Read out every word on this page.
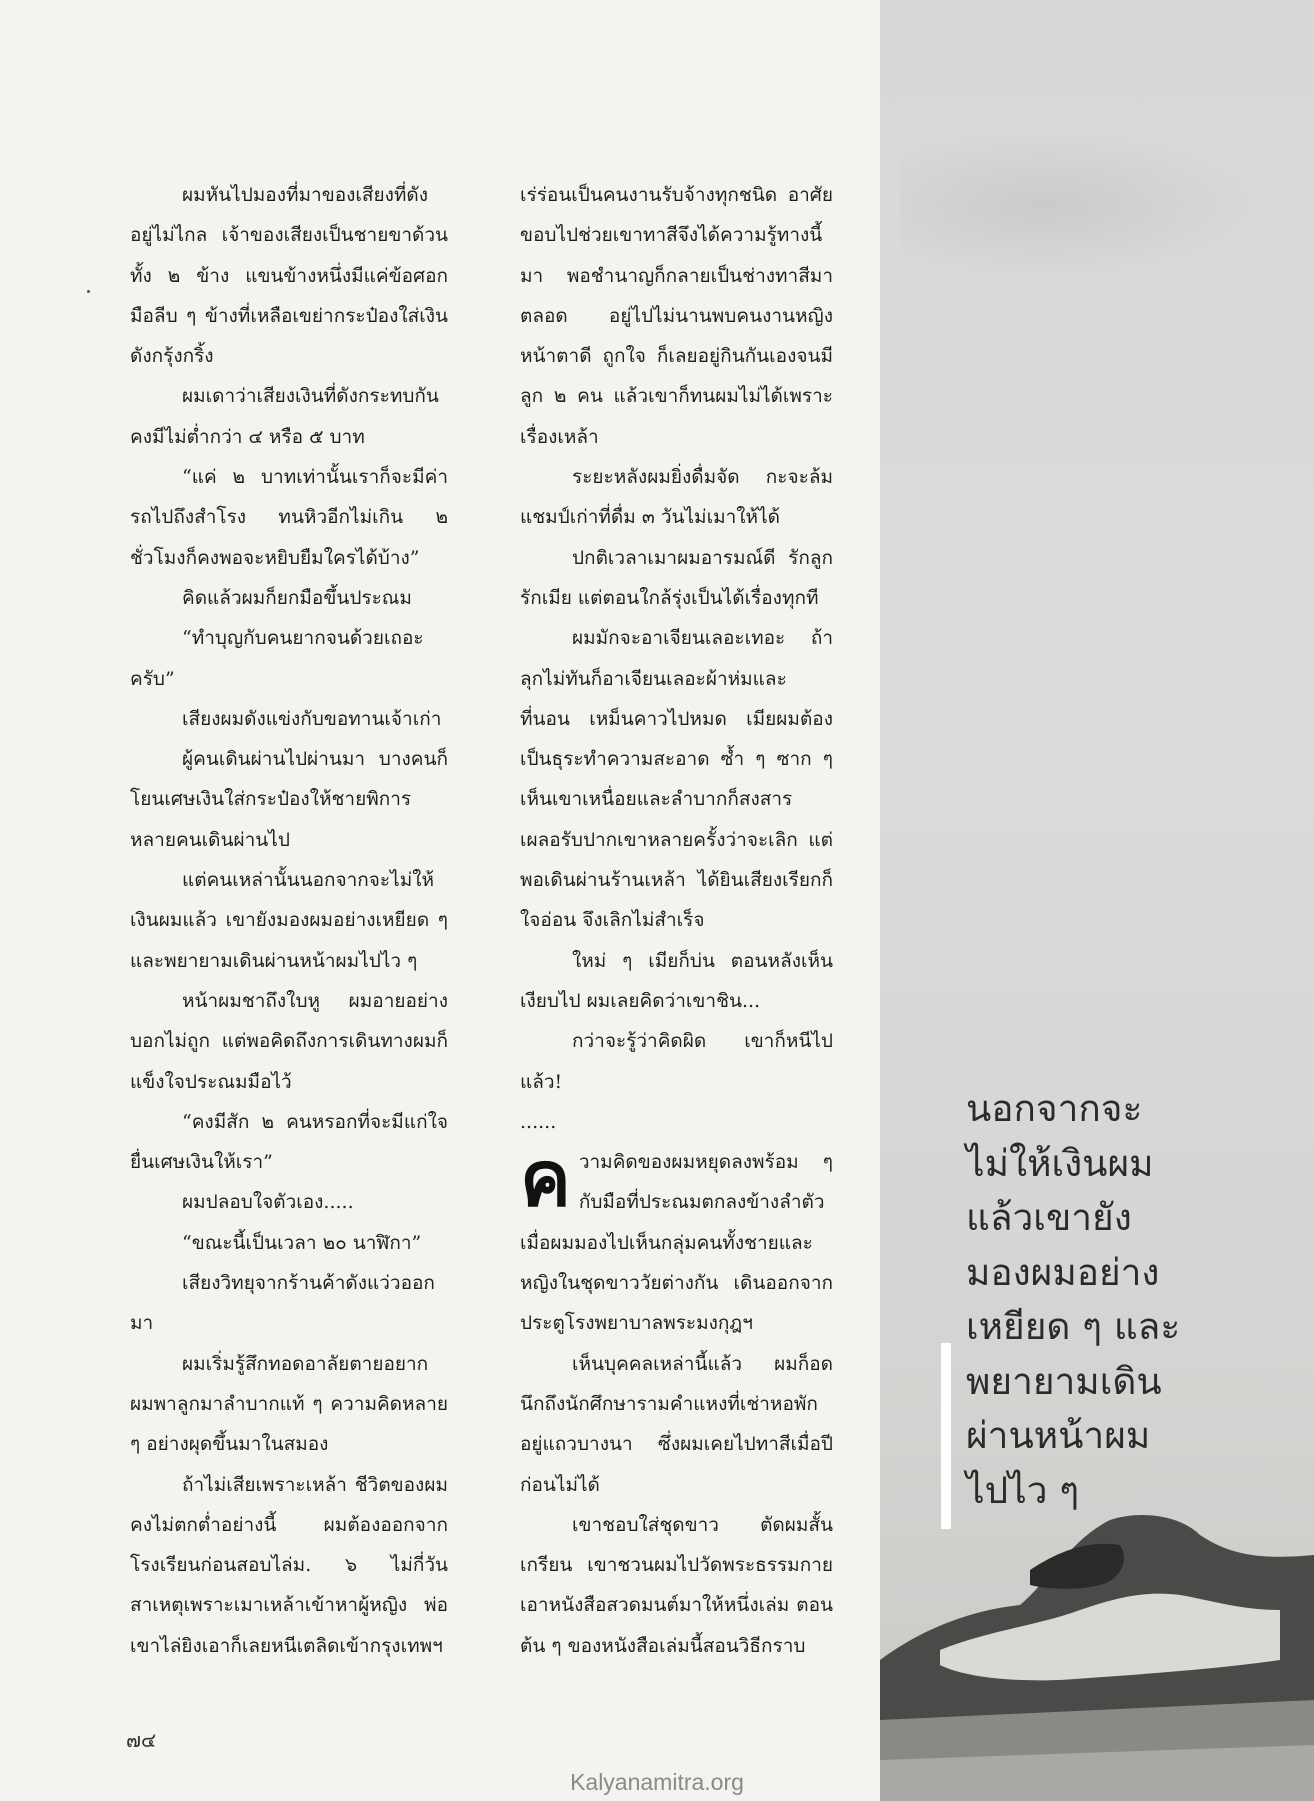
ผมหันไปมองที่มาของเสียงที่ดังอยู่ไม่ไกล เจ้าของเสียงเป็นชายขาด้วนทั้ง ๒ ข้าง แขนข้างหนึ่งมีแค่ข้อศอก มือลีบ ๆ ข้างที่เหลือเขย่ากระป๋องใส่เงินดังกรุ้งกริ้ง

ผมเดาว่าเสียงเงินที่ดังกระทบกันคงมีไม่ต่ำกว่า ๔ หรือ ๕ บาท

“แค่ ๒ บาทเท่านั้นเราก็จะมีค่ารถไปถึงสำโรง ทนหิวอีกไม่เกิน ๒ ชั่วโมงก็คงพอจะหยิบยืมใครได้บ้าง”

คิดแล้วผมก็ยกมือขึ้นประณม

“ทำบุญกับคนยากจนด้วยเถอะครับ”

เสียงผมดังแข่งกับขอทานเจ้าเก่า

ผู้คนเดินผ่านไปผ่านมา บางคนก็โยนเศษเงินใส่กระป๋องให้ชายพิการ หลายคนเดินผ่านไป

แต่คนเหล่านั้นนอกจากจะไม่ให้เงินผมแล้ว เขายังมองผมอย่างเหยียด ๆ และพยายามเดินผ่านหน้าผมไปไว ๆ

หน้าผมชาถึงใบหู ผมอายอย่างบอกไม่ถูก แต่พอคิดถึงการเดินทางผมก็แข็งใจประณมมือไว้

“คงมีสัก ๒ คนหรอกที่จะมีแก่ใจยื่นเศษเงินให้เรา”

ผมปลอบใจตัวเอง.....

“ขณะนี้เป็นเวลา ๒๐ นาฬิกา”

เสียงวิทยุจากร้านค้าดังแว่วออกมา

ผมเริ่มรู้สึกทอดอาลัยตายอยากผมพาลูกมาลำบากแท้ ๆ ความคิดหลาย ๆ อย่างผุดขึ้นมาในสมอง

ถ้าไม่เสียเพราะเหล้า ชีวิตของผมคงไม่ตกต่ำอย่างนี้ ผมต้องออกจากโรงเรียนก่อนสอบไล่ม. ๖ ไม่กี่วัน สาเหตุเพราะเมาเหล้าเข้าหาผู้หญิง พ่อเขาไล่ยิงเอาก็เลยหนีเตลิดเข้ากรุงเทพฯ

เร่ร่อนเป็นคนงานรับจ้างทุกชนิด อาศัยขอบไปช่วยเขาทาสีจึงได้ความรู้ทางนี้มา พอชำนาญก็กลายเป็นช่างทาสีมาตลอด อยู่ไปไม่นานพบคนงานหญิงหน้าตาดี ถูกใจ ก็เลยอยู่กินกันเองจนมีลูก ๒ คน แล้วเขาก็ทนผมไม่ได้เพราะเรื่องเหล้า

ระยะหลังผมยิ่งดื่มจัด กะจะล้มแชมป์เก่าที่ดื่ม ๓ วันไม่เมาให้ได้

ปกติเวลาเมาผมอารมณ์ดี รักลูกรักเมีย แต่ตอนใกล้รุ่งเป็นได้เรื่องทุกที

ผมมักจะอาเจียนเลอะเทอะ ถ้าลุกไม่ทันก็อาเจียนเลอะผ้าห่มและที่นอน เหม็นคาวไปหมด เมียผมต้องเป็นธุระทำความสะอาด ซ้ำ ๆ ซาก ๆ เห็นเขาเหนื่อยและลำบากก็สงสาร เผลอรับปากเขาหลายครั้งว่าจะเลิก แต่พอเดินผ่านร้านเหล้า ได้ยินเสียงเรียกก็ใจอ่อน จึงเลิกไม่สำเร็จ

ใหม่ ๆ เมียก็บ่น ตอนหลังเห็นเงียบไป ผมเลยคิดว่าเขาชิน...

กว่าจะรู้ว่าคิดผิด เขาก็หนีไปแล้ว!

......

ค วามคิดของผมหยุดลงพร้อม ๆ กับมือที่ประณมตกลงข้างลำตัว เมื่อผมมองไปเห็นกลุ่มคนทั้งชายและหญิงในชุดขาววัยต่างกัน เดินออกจากประตูโรงพยาบาลพระมงกุฎฯ

เห็นบุคคลเหล่านี้แล้ว ผมก็อดนึกถึงนักศึกษารามคำแหงที่เช่าหอพักอยู่แถวบางนา ซึ่งผมเคยไปทาสีเมื่อปีก่อนไม่ได้

เขาชอบใส่ชุดขาว ตัดผมสั้นเกรียน เขาชวนผมไปวัดพระธรรมกาย เอาหนังสือสวดมนต์มาให้หนึ่งเล่ม ตอนต้น ๆ ของหนังสือเล่มนี้สอนวิธีกราบ

นอกจากจะ
ไม่ให้เงินผม
แล้วเขายัง
มองผมอย่าง
เหยียด ๆ และ
พยายามเดิน
ผ่านหน้าผม
ไปไว ๆ
๗๔
Kalyanamitra.org
